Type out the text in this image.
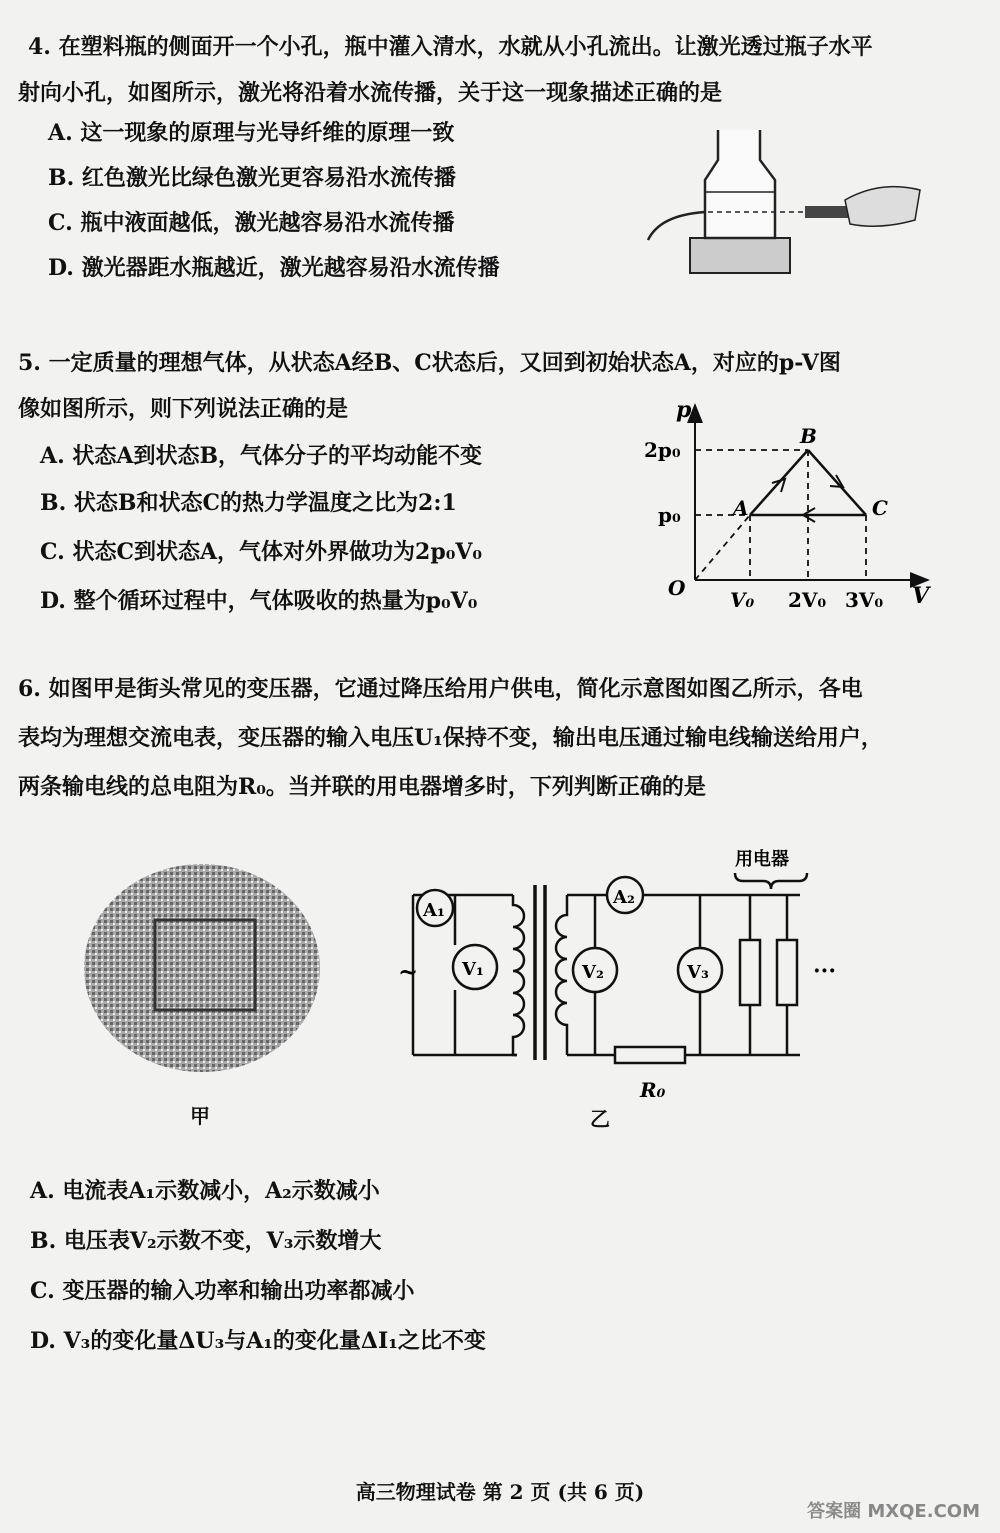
4. 在塑料瓶的侧面开一个小孔，瓶中灌入清水，水就从小孔流出。让激光透过瓶子水平
射向小孔，如图所示，激光将沿着水流传播，关于这一现象描述正确的是
A. 这一现象的原理与光导纤维的原理一致
B. 红色激光比绿色激光更容易沿水流传播
C. 瓶中液面越低，激光越容易沿水流传播
D. 激光器距水瓶越近，激光越容易沿水流传播
5. 一定质量的理想气体，从状态A经B、C状态后，又回到初始状态A，对应的p-V图
像如图所示，则下列说法正确的是
A. 状态A到状态B，气体分子的平均动能不变
B. 状态B和状态C的热力学温度之比为2:1
C. 状态C到状态A，气体对外界做功为2p₀V₀
D. 整个循环过程中，气体吸收的热量为p₀V₀
p
V
O
2p₀
p₀
V₀ 2V₀ 3V₀
A
B
C
6. 如图甲是街头常见的变压器，它通过降压给用户供电，简化示意图如图乙所示，各电
表均为理想交流电表，变压器的输入电压U₁保持不变，输出电压通过输电线输送给用户，
两条输电线的总电阻为R₀。当并联的用电器增多时，下列判断正确的是
甲
A₁
V₁
A₂
V₂	V₃
R₀
用电器
~	···
乙
A. 电流表A₁示数减小，A₂示数减小
B. 电压表V₂示数不变，V₃示数增大
C. 变压器的输入功率和输出功率都减小
D. V₃的变化量ΔU₃与A₁的变化量ΔI₁之比不变
高三物理试卷 第 2 页 (共 6 页)
答案圈 MXQE.COM
